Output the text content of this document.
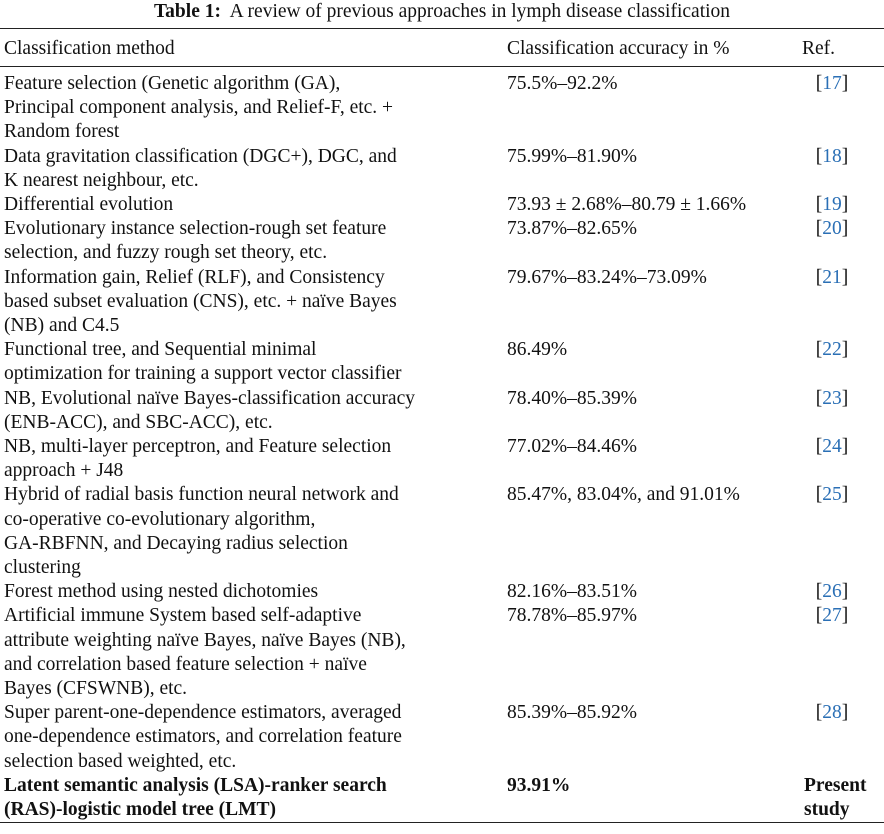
Table 1: A review of previous approaches in lymph disease classification
Classification method	Classification accuracy in %	Ref.
Feature selection (Genetic algorithm (GA),
Principal component analysis, and Relief-F, etc. +
Random forest	75.5%–92.2%	[17]
Data gravitation classification (DGC+), DGC, and
K nearest neighbour, etc.	75.99%–81.90%	[18]
Differential evolution	73.93 ± 2.68%–80.79 ± 1.66%	[19]
Evolutionary instance selection-rough set feature
selection, and fuzzy rough set theory, etc.	73.87%–82.65%	[20]
Information gain, Relief (RLF), and Consistency
based subset evaluation (CNS), etc. + naïve Bayes
(NB) and C4.5	79.67%–83.24%–73.09%	[21]
Functional tree, and Sequential minimal
optimization for training a support vector classifier	86.49%	[22]
NB, Evolutional naïve Bayes-classification accuracy
(ENB-ACC), and SBC-ACC), etc.	78.40%–85.39%	[23]
NB, multi-layer perceptron, and Feature selection
approach + J48	77.02%–84.46%	[24]
Hybrid of radial basis function neural network and
co-operative co-evolutionary algorithm,
GA-RBFNN, and Decaying radius selection
clustering	85.47%, 83.04%, and 91.01%	[25]
Forest method using nested dichotomies	82.16%–83.51%	[26]
Artificial immune System based self-adaptive
attribute weighting naïve Bayes, naïve Bayes (NB),
and correlation based feature selection + naïve
Bayes (CFSWNB), etc.	78.78%–85.97%	[27]
Super parent-one-dependence estimators, averaged
one-dependence estimators, and correlation feature
selection based weighted, etc.	85.39%–85.92%	[28]
Latent semantic analysis (LSA)-ranker search
(RAS)-logistic model tree (LMT)	93.91%	Present
study
